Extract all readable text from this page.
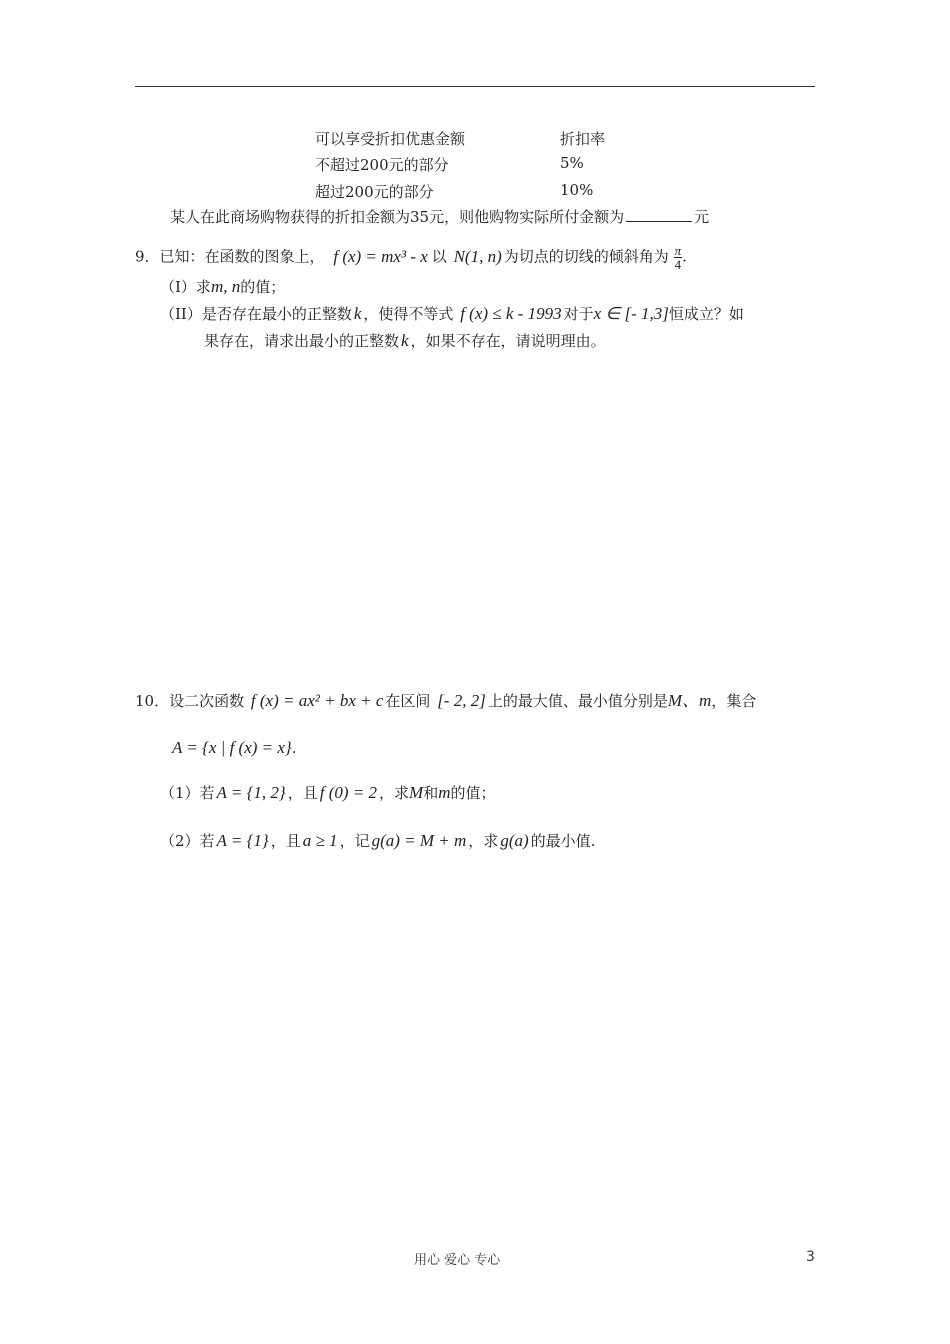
可以享受折扣优惠金额	折扣率
不超过200元的部分	5%
超过200元的部分	10%
某人在此商场购物获得的折扣金额为35元，则他购物实际所付金额为	元
9．已知：在函数的图象上， f (x) = mx³ - x 以 N(1, n) 为切点的切线的倾斜角为 $\frac{\pi}{4}$ .
（I）求m, n的值；
（II）是否存在最小的正整数 k ，使得不等式 f (x) ≤ k - 1993 对于x ∈ [- 1,3]恒成立？如
果存在，请求出最小的正整数 k ，如果不存在，请说明理由。
10．设二次函数 f (x) = ax² + bx + c 在区间 [- 2, 2] 上的最大值、最小值分别是M、m，集合
A = {x | f (x) = x}.
（1）若 A = {1, 2} ，且 f (0) = 2 ，求M和m的值；
（2）若 A = {1} ，且 a ≥ 1 ，记 g(a) = M + m ，求 g(a) 的最小值.
用心 爱心 专心	3
